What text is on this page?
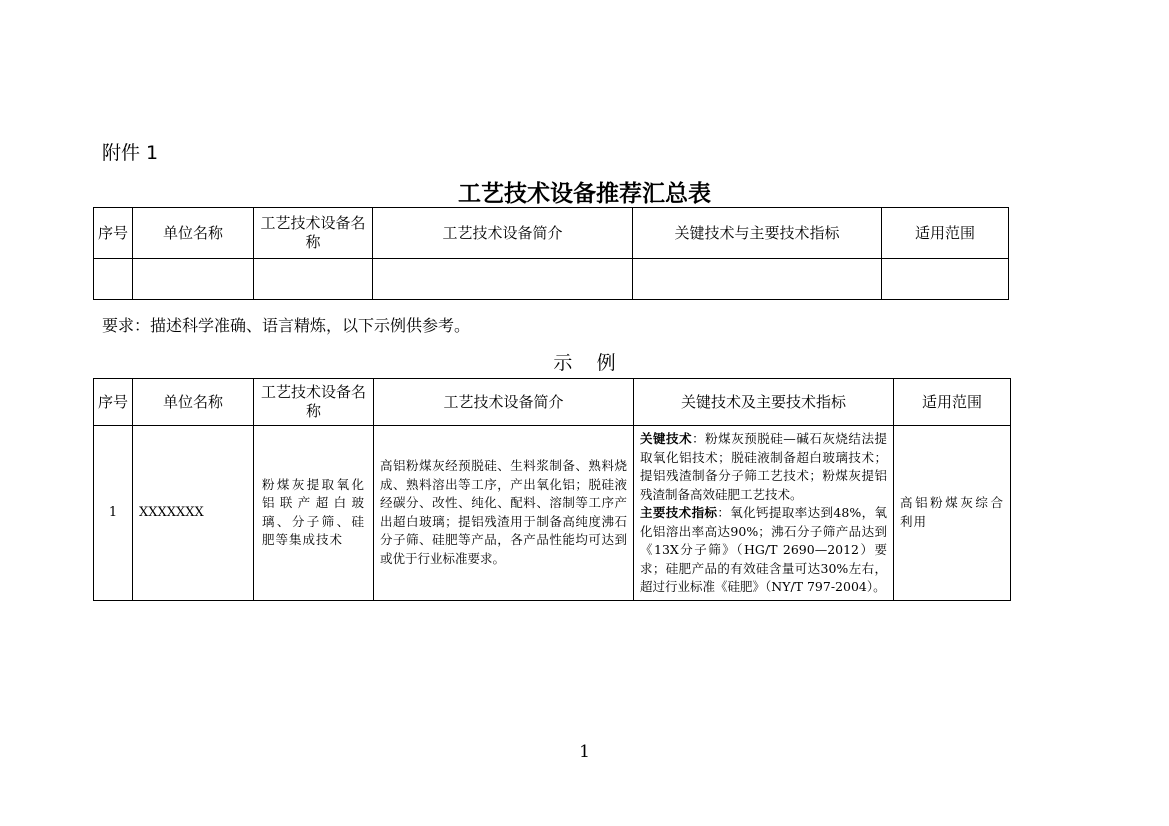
附件 1
工艺技术设备推荐汇总表
序号	单位名称	工艺技术设备名称	工艺技术设备简介	关键技术与主要技术指标	适用范围

要求：描述科学准确、语言精炼，以下示例供参考。
示    例
序号	单位名称	工艺技术设备名称	工艺技术设备简介	关键技术及主要技术指标	适用范围
1	XXXXXXX	粉煤灰提取氧化铝联产超白玻璃、分子筛、硅肥等集成技术	高铝粉煤灰经预脱硅、生料浆制备、熟料烧成、熟料溶出等工序，产出氧化铝；脱硅液经碳分、改性、纯化、配料、溶制等工序产出超白玻璃；提铝残渣用于制备高纯度沸石分子筛、硅肥等产品，各产品性能均可达到或优于行业标准要求。	关键技术：粉煤灰预脱硅—碱石灰烧结法提取氧化铝技术；脱硅液制备超白玻璃技术；提铝残渣制备分子筛工艺技术；粉煤灰提铝残渣制备高效硅肥工艺技术。
主要技术指标：氧化钙提取率达到48%，氧化铝溶出率高达90%；沸石分子筛产品达到《13X分子筛》（HG/T 2690—2012）要求；硅肥产品的有效硅含量可达30%左右，超过行业标准《硅肥》（NY/T 797-2004）。	高铝粉煤灰综合利用
1
